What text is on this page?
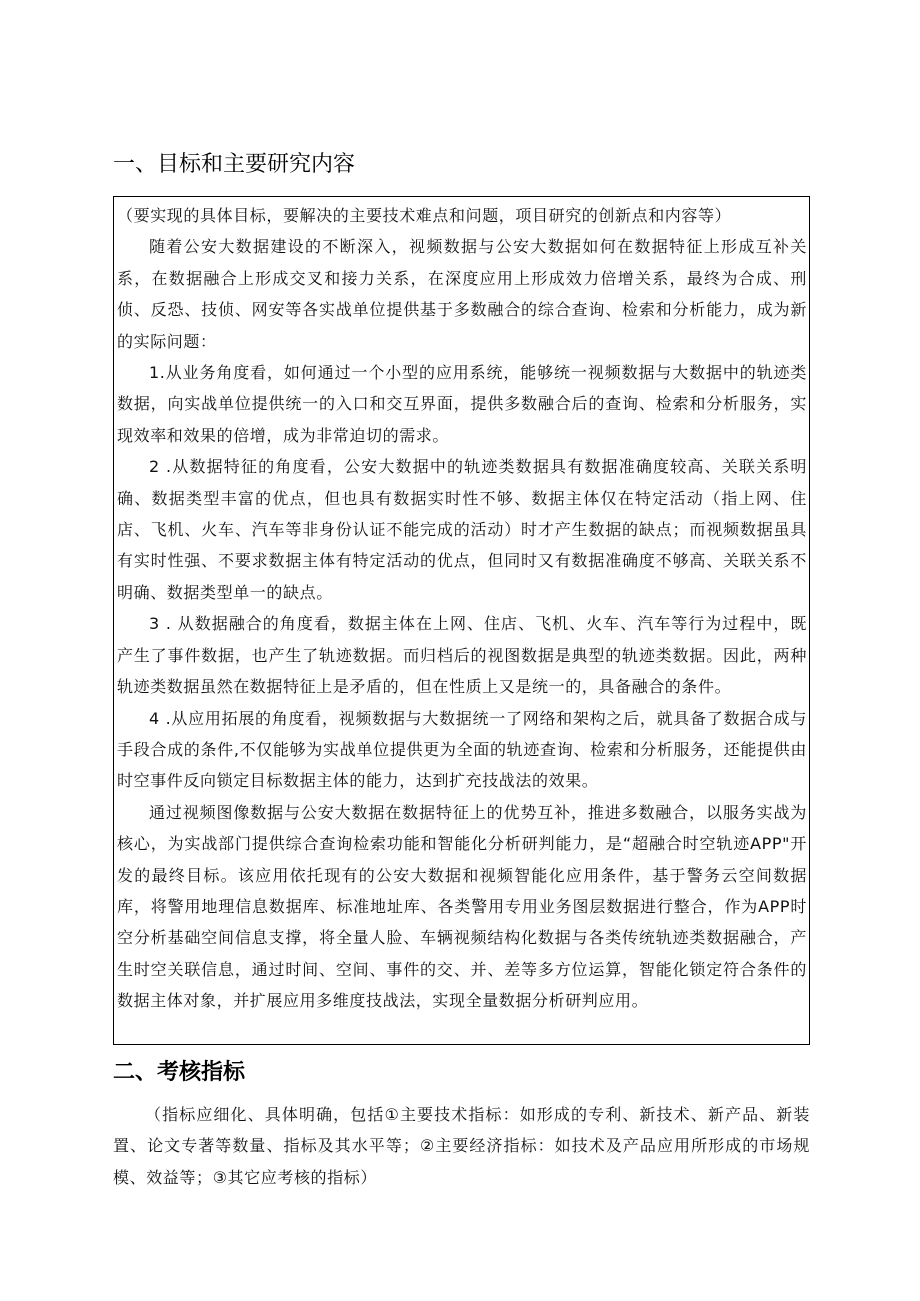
一、目标和主要研究内容

（要实现的具体目标，要解决的主要技术难点和问题，项目研究的创新点和内容等）

随着公安大数据建设的不断深入，视频数据与公安大数据如何在数据特征上形成互补关系，在数据融合上形成交叉和接力关系，在深度应用上形成效力倍增关系，最终为合成、刑侦、反恐、技侦、网安等各实战单位提供基于多数融合的综合查询、检索和分析能力，成为新的实际问题：

1.从业务角度看，如何通过一个小型的应用系统，能够统一视频数据与大数据中的轨迹类数据，向实战单位提供统一的入口和交互界面，提供多数融合后的查询、检索和分析服务，实现效率和效果的倍增，成为非常迫切的需求。

2 .从数据特征的角度看，公安大数据中的轨迹类数据具有数据准确度较高、关联关系明确、数据类型丰富的优点，但也具有数据实时性不够、数据主体仅在特定活动（指上网、住店、飞机、火车、汽车等非身份认证不能完成的活动）时才产生数据的缺点；而视频数据虽具有实时性强、不要求数据主体有特定活动的优点，但同时又有数据准确度不够高、关联关系不明确、数据类型单一的缺点。

3 . 从数据融合的角度看，数据主体在上网、住店、飞机、火车、汽车等行为过程中，既产生了事件数据，也产生了轨迹数据。而归档后的视图数据是典型的轨迹类数据。因此，两种轨迹类数据虽然在数据特征上是矛盾的，但在性质上又是统一的，具备融合的条件。

4 .从应用拓展的角度看，视频数据与大数据统一了网络和架构之后，就具备了数据合成与手段合成的条件,不仅能够为实战单位提供更为全面的轨迹查询、检索和分析服务，还能提供由时空事件反向锁定目标数据主体的能力，达到扩充技战法的效果。

通过视频图像数据与公安大数据在数据特征上的优势互补，推进多数融合，以服务实战为核心，为实战部门提供综合查询检索功能和智能化分析研判能力，是“超融合时空轨迹APP"开发的最终目标。该应用依托现有的公安大数据和视频智能化应用条件，基于警务云空间数据库，将警用地理信息数据库、标准地址库、各类警用专用业务图层数据进行整合，作为APP时空分析基础空间信息支撑，将全量人脸、车辆视频结构化数据与各类传统轨迹类数据融合，产生时空关联信息，通过时间、空间、事件的交、并、差等多方位运算，智能化锁定符合条件的数据主体对象，并扩展应用多维度技战法，实现全量数据分析研判应用。

二、考核指标

（指标应细化、具体明确，包括①主要技术指标：如形成的专利、新技术、新产品、新装置、论文专著等数量、指标及其水平等；②主要经济指标：如技术及产品应用所形成的市场规模、效益等；③其它应考核的指标）
